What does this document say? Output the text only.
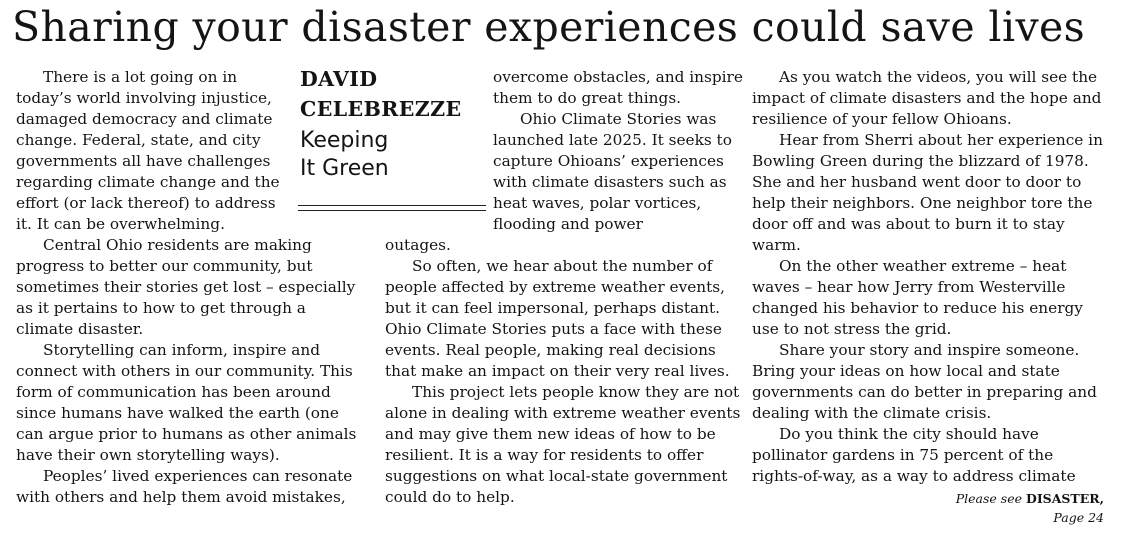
Sharing your disaster experiences could save lives

There is a lot going on in today’s world involving injustice, damaged democracy and climate change. Federal, state, and city governments all have challenges regarding climate change and the effort (or lack thereof) to address it. It can be overwhelming.

Central Ohio residents are making progress to better our community, but sometimes their stories get lost – especially as it pertains to how to get through a climate disaster.

Storytelling can inform, inspire and connect with others in our community. This form of communication has been around since humans have walked the earth (one can argue prior to humans as other animals have their own storytelling ways).

Peoples’ lived experiences can resonate with others and help them avoid mistakes,

DAVID
CELEBREZZE
Keeping
It Green

overcome obstacles, and inspire them to do great things.

Ohio Climate Stories was launched late 2025. It seeks to capture Ohioans’ experiences with climate disasters such as heat waves, polar vortices, flooding and power

outages.

So often, we hear about the number of people affected by extreme weather events, but it can feel impersonal, perhaps distant. Ohio Climate Stories puts a face with these events. Real people, making real decisions that make an impact on their very real lives.

This project lets people know they are not alone in dealing with extreme weather events and may give them new ideas of how to be resilient. It is a way for residents to offer suggestions on what local-state government could do to help.

As you watch the videos, you will see the impact of climate disasters and the hope and resilience of your fellow Ohioans.

Hear from Sherri about her experience in Bowling Green during the blizzard of 1978. She and her husband went door to door to help their neighbors. One neighbor tore the door off and was about to burn it to stay warm.

On the other weather extreme – heat waves – hear how Jerry from Westerville changed his behavior to reduce his energy use to not stress the grid.

Share your story and inspire someone. Bring your ideas on how local and state governments can do better in preparing and dealing with the climate crisis.

Do you think the city should have pollinator gardens in 75 percent of the rights-of-way, as a way to address climate

Please see DISASTER,
Page 24
